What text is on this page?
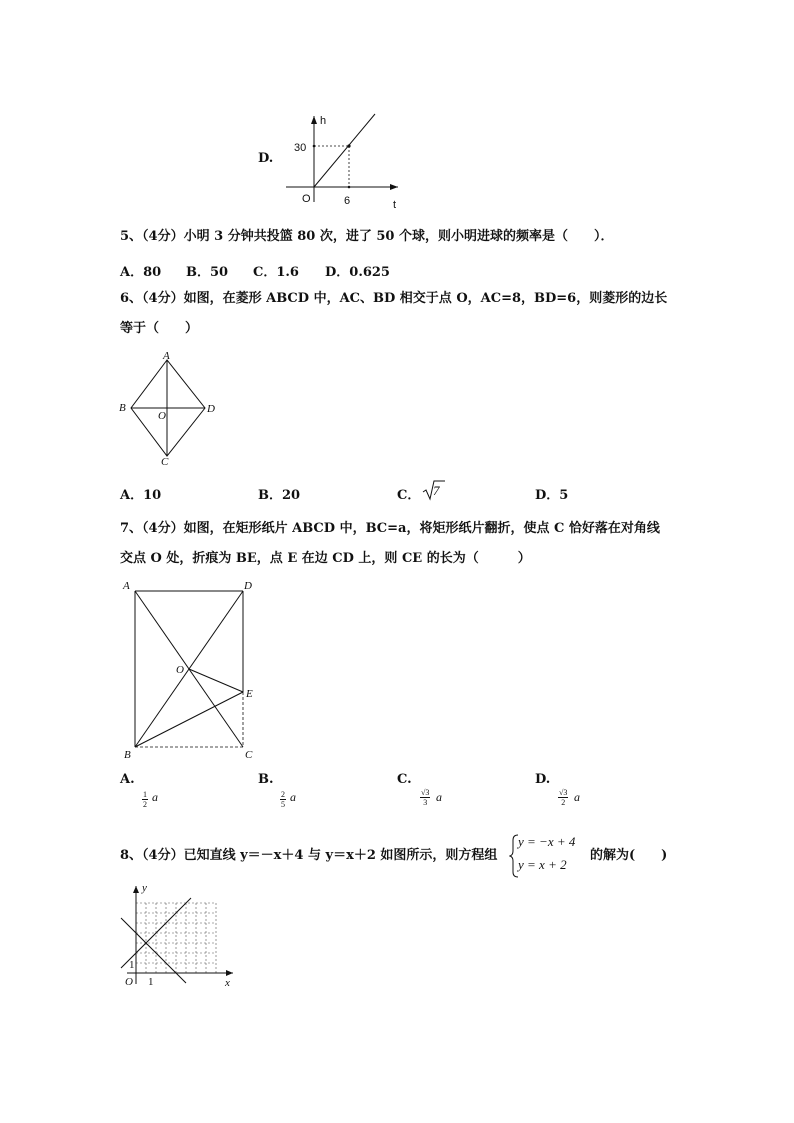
D.
h
t
O
30
6
5、（4分）小明 3 分钟共投篮 80 次，进了 50 个球，则小明进球的频率是（　　）．
A．80 B．50 C．1.6 D．0.625
6、（4分）如图，在菱形 ABCD 中，AC、BD 相交于点 O，AC=8，BD=6，则菱形的边长
等于（　　）
A
B
C
D
O
A．10	B．20	C． 7	D．5
7、（4分）如图，在矩形纸片 ABCD 中，BC=a，将矩形纸片翻折，使点 C 恰好落在对角线
交点 O 处，折痕为 BE，点 E 在边 CD 上，则 CE 的长为（　　　）
A	D
B	C
O
E
A.
$\frac{1}{2}$ a
B.
$\frac{2}{5}$ a
C.
$\frac{√3}{3}$ a
D.
$\frac{√3}{2}$ a
8、（4分）已知直线 y＝－x＋4 与 y＝x＋2 如图所示，则方程组
y = −x + 4
y = x + 2
的解为(　　)
y
x
O 1
1
